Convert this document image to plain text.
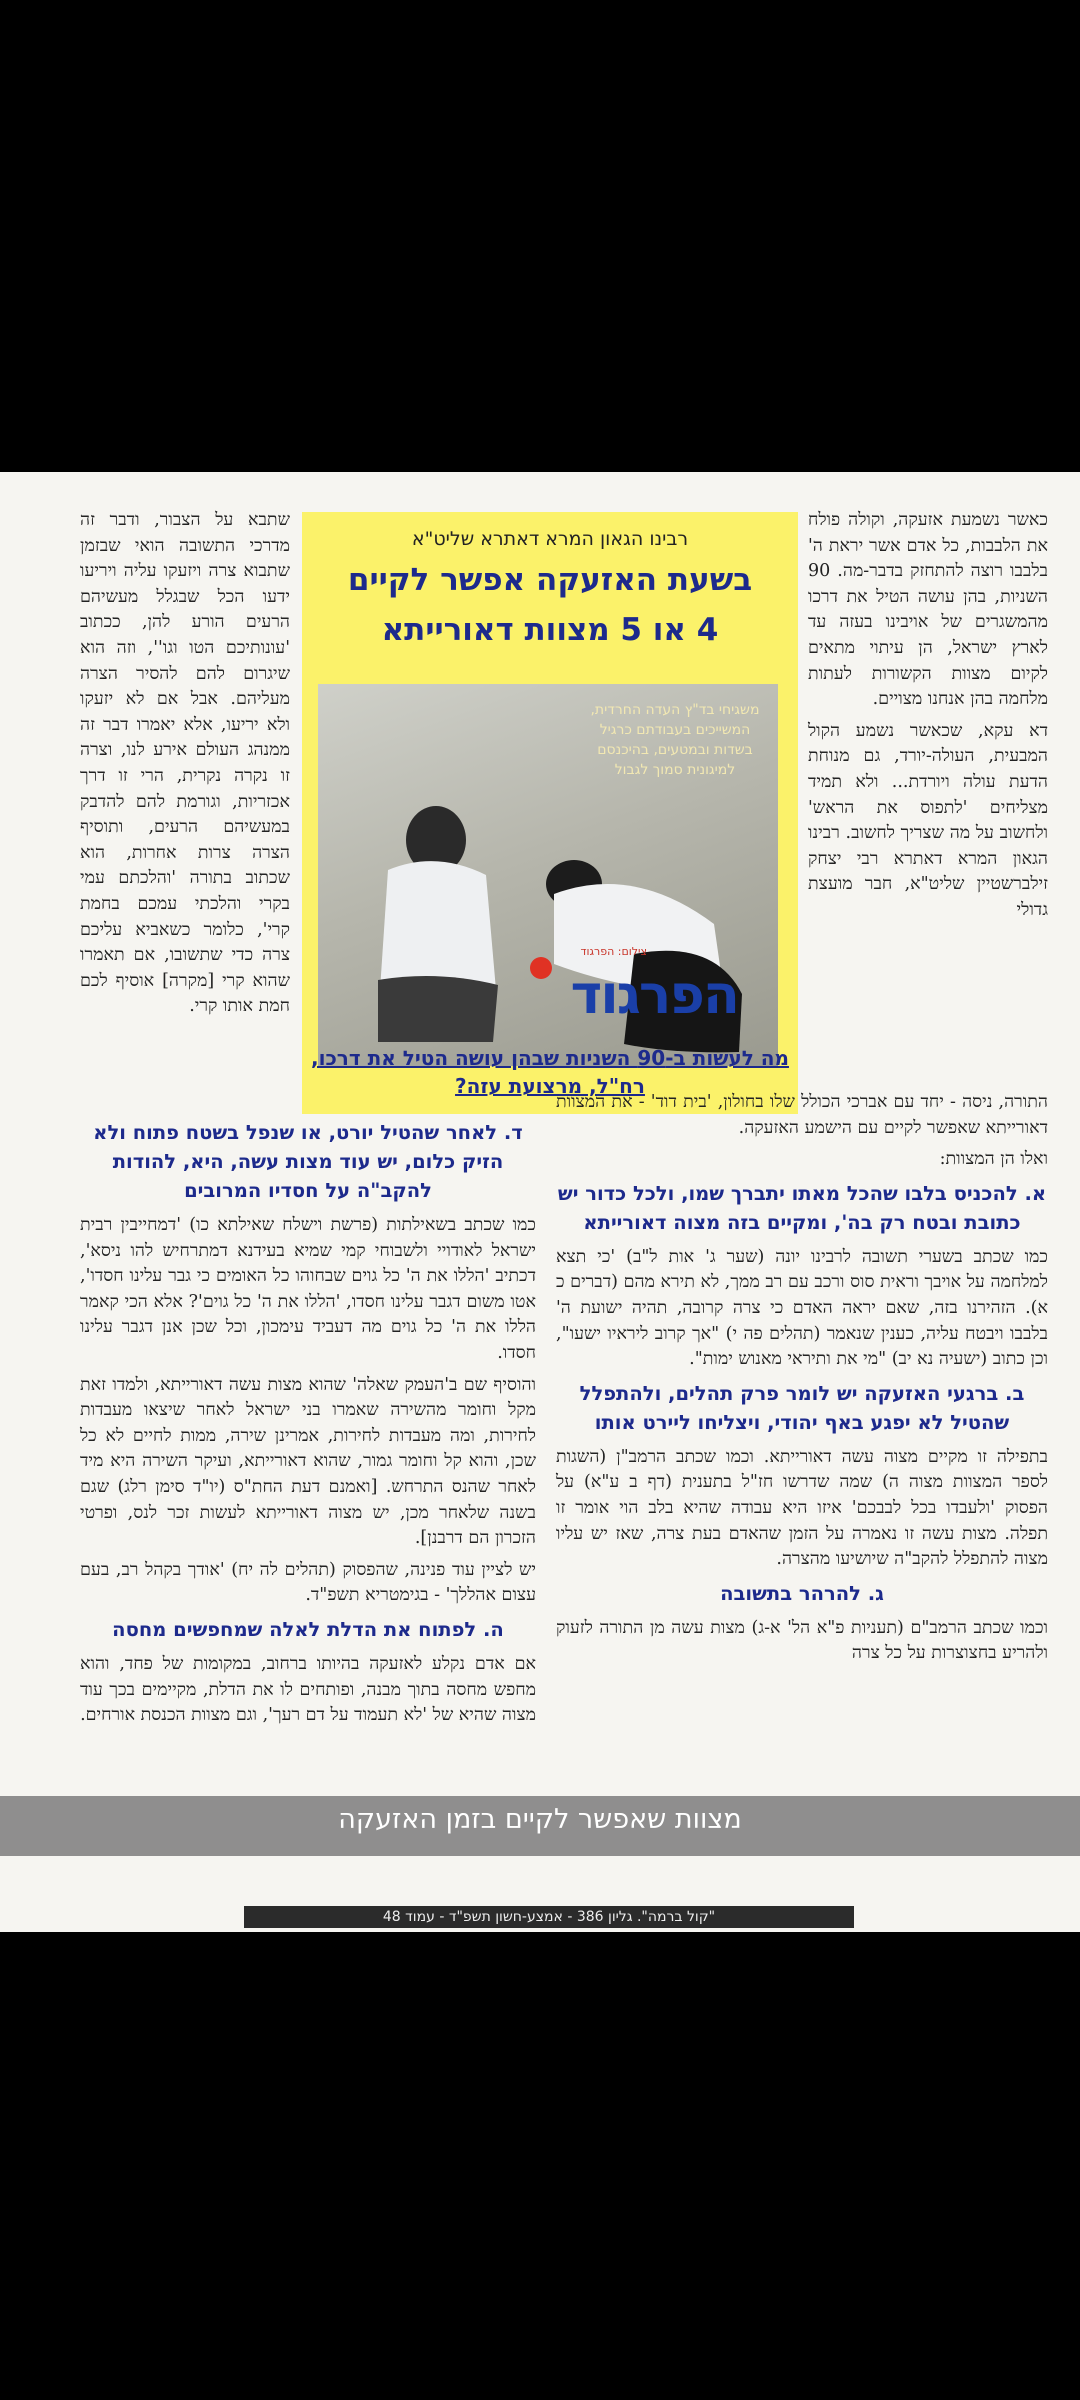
כאשר נשמעת אזעקה, וקולה פולח את הלבבות, כל אדם אשר יראת ה' בלבבו רוצה להתחזק בדבר-מה. 90 השניות, בהן עושה הטיל את דרכו מהמשגרים של אויבינו בעזה עד לארץ ישראל, הן עיתוי מתאים לקיום מצוות הקשורות לעתות מלחמה בהן אנחנו מצויים.

דא עקא, שכאשר נשמע הקול המבעית, העולה-יורד, גם מנוחת הדעת עולה ויורדת... ולא תמיד מצליחים 'לתפוס את הראש' ולחשוב על מה שצריך לחשוב. רבינו הגאון המרא דאתרא רבי יצחק זילברשטיין שליט"א, חבר מועצת גדולי

רבינו הגאון המרא דאתרא שליט"א
בשעת האזעקה אפשר לקיים
4 או 5 מצוות דאורייתא
משגיחי בד"ץ העדה החרדית, המשייכים בעבודתם כרגיל בשדות ובמטעים, בהיכנסם למיגונית סמוך לגבול
צילום: הפרגוד
הפרגוד
מה לעשות ב-90 השניות שבהן עושה הטיל את דרכו, רח"ל, מרצועת עזה?

שתבא על הצבור, ודבר זה מדרכי התשובה הואי שבזמן שתבוא צרה ויזעקו עליה ויריעו ידעו הכל שבגלל מעשיהם הרעים הורע להן, ככתוב 'עונותיכם הטו וגו'', וזה הוא שיגרום להם להסיר הצרה מעליהם. אבל אם לא יזעקו ולא יריעו, אלא יאמרו דבר זה ממנהג העולם אירע לנו, וצרה זו נקרה נקרית, הרי זו דרך אכזריות, וגורמת להם להדבק במעשיהם הרעים, ותוסיף הצרה צרות אחרות, הוא שכתוב בתורה 'והלכתם עמי בקרי והלכתי עמכם בחמת קרי', כלומר כשאביא עליכם צרה כדי שתשובו, אם תאמרו שהוא קרי [מקרה] אוסיף לכם חמת אותו קרי.

התורה, ניסה - יחד עם אברכי הכולל שלו בחולון, 'בית דוד' - את המצוות דאורייתא שאפשר לקיים עם הישמע האזעקה.

ואלו הן המצוות:
א. להכניס בלבו שהכל מאתו יתברך שמו, ולכל כדור יש כתובת ובטח רק בה', ומקיים בזה מצוה דאורייתא

כמו שכתב בשערי תשובה לרבינו יונה (שער ג' אות ל"ב) 'כי תצא למלחמה על אויבך וראית סוס ורכב עם רב ממך, לא תירא מהם (דברים כ א). הזהירנו בזה, שאם יראה האדם כי צרה קרובה, תהיה ישועת ה' בלבבו ויבטח עליה, כענין שנאמר (תהלים פה י) "אך קרוב ליראיו ישעו", וכן כתוב (ישעיה נא יב) "מי את ותיראי מאנוש ימות".

ב. ברגעי האזעקה יש לומר פרק תהלים, ולהתפלל שהטיל לא יפגע באף יהודי, ויצליחו ליירט אותו

בתפילה זו מקיים מצוה עשה דאורייתא. וכמו שכתב הרמב"ן (השגות לספר המצוות מצוה ה) שמה שדרשו חז"ל בתענית (דף ב ע"א) על הפסוק 'ולעבדו בכל לבבכם' איזו היא עבודה שהיא בלב הוי אומר זו תפלה. מצות עשה זו נאמרה על הזמן שהאדם בעת צרה, שאז יש עליו מצוה להתפלל להקב"ה שיושיעו מהצרה.

ג. להרהר בתשובה

וכמו שכתב הרמב"ם (תעניות פ"א הל' א-ג) מצות עשה מן התורה לזעוק ולהריע בחצוצרות על כל צרה

ד. לאחר שהטיל יורט, או שנפל בשטח פתוח ולא הזיק כלום, יש עוד מצות עשה, היא, להודות להקב"ה על חסדיו המרובים

כמו שכתב בשאילתות (פרשת וישלח שאילתא כו) 'דמחייבין רבית ישראל לאודויי ולשבוחי קמי שמיא בעידנא דמתרחיש להו ניסא', דכתיב 'הללו את ה' כל גוים שבחוהו כל האומים כי גבר עלינו חסדו', אטו משום דגבר עלינו חסדו, 'הללו את ה' כל גוים'? אלא הכי קאמר הללו את ה' כל גוים מה דעביד עימכון, וכל שכן אנן דגבר עלינו חסדו.

והוסיף שם ב'העמק שאלה' שהוא מצות עשה דאורייתא, ולמדו זאת מקל וחומר מהשירה שאמרו בני ישראל לאחר שיצאו מעבדות לחירות, ומה מעבדות לחירות, אמרינן שירה, ממות לחיים לא כל שכן, והוא קל וחומר גמור, שהוא דאורייתא, ועיקר השירה היא מיד לאחר שהנס התרחש. [ואמנם דעת החת"ס (יו"ד סימן רלג) שגם בשנה שלאחר מכן, יש מצוה דאורייתא לעשות זכר לנס, ופרטי הזכרון הם דרבנן].

יש לציין עוד פנינה, שהפסוק (תהלים לה יח) 'אודך בקהל רב, בעם עצום אהללך' - בגימטריא תשפ"ד.

ה. לפתוח את הדלת לאלה שמחפשים מחסה

אם אדם נקלע לאזעקה בהיותו ברחוב, במקומות של פחד, והוא מחפש מחסה בתוך מבנה, ופותחים לו את הדלת, מקיימים בכך עוד מצוה שהיא של 'לא תעמוד על דם רעך', וגם מצוות הכנסת אורחים.

מצוות שאפשר לקיים בזמן האזעקה
"קול ברמה". גליון 386 - אמצע-חשון תשפ"ד - עמוד 48
